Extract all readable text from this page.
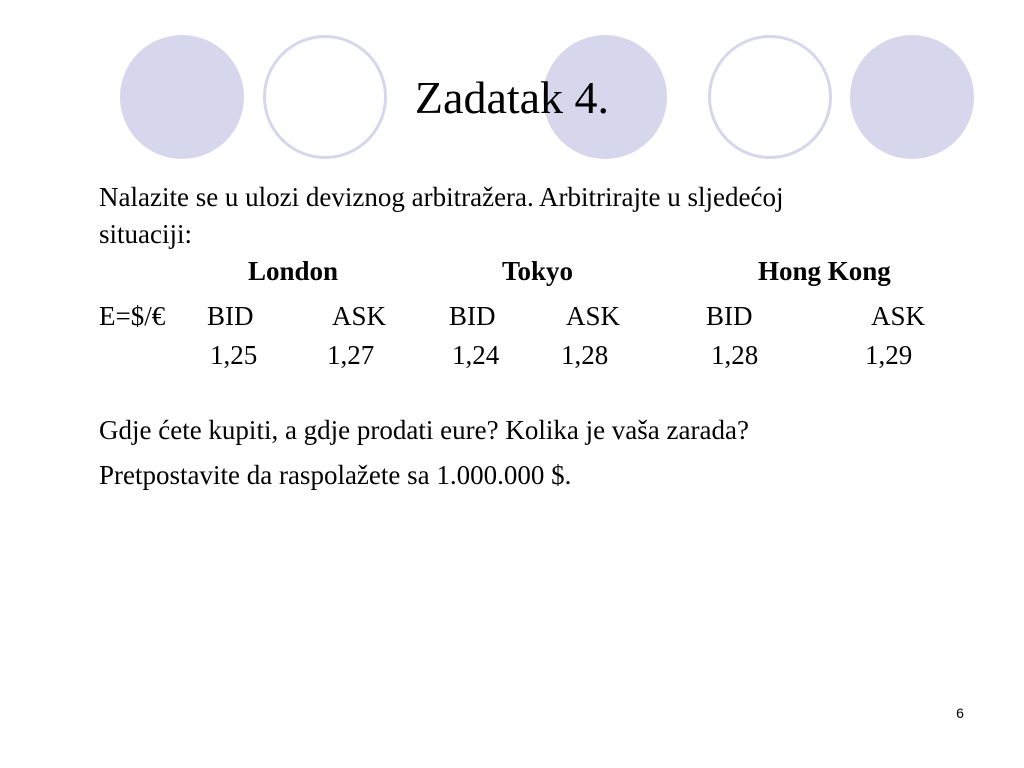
Zadatak 4.
Nalazite se u ulozi deviznog arbitražera. Arbitrirajte u sljedećoj
situaciji:
London	Tokyo	Hong Kong
E=$/€ BID	ASK BID	ASK	BID	ASK
1,25	1,27	1,24 1,28	1,28	1,29
Gdje ćete kupiti, a gdje prodati eure? Kolika je vaša zarada?
Pretpostavite da raspolažete sa 1.000.000 $.
6
